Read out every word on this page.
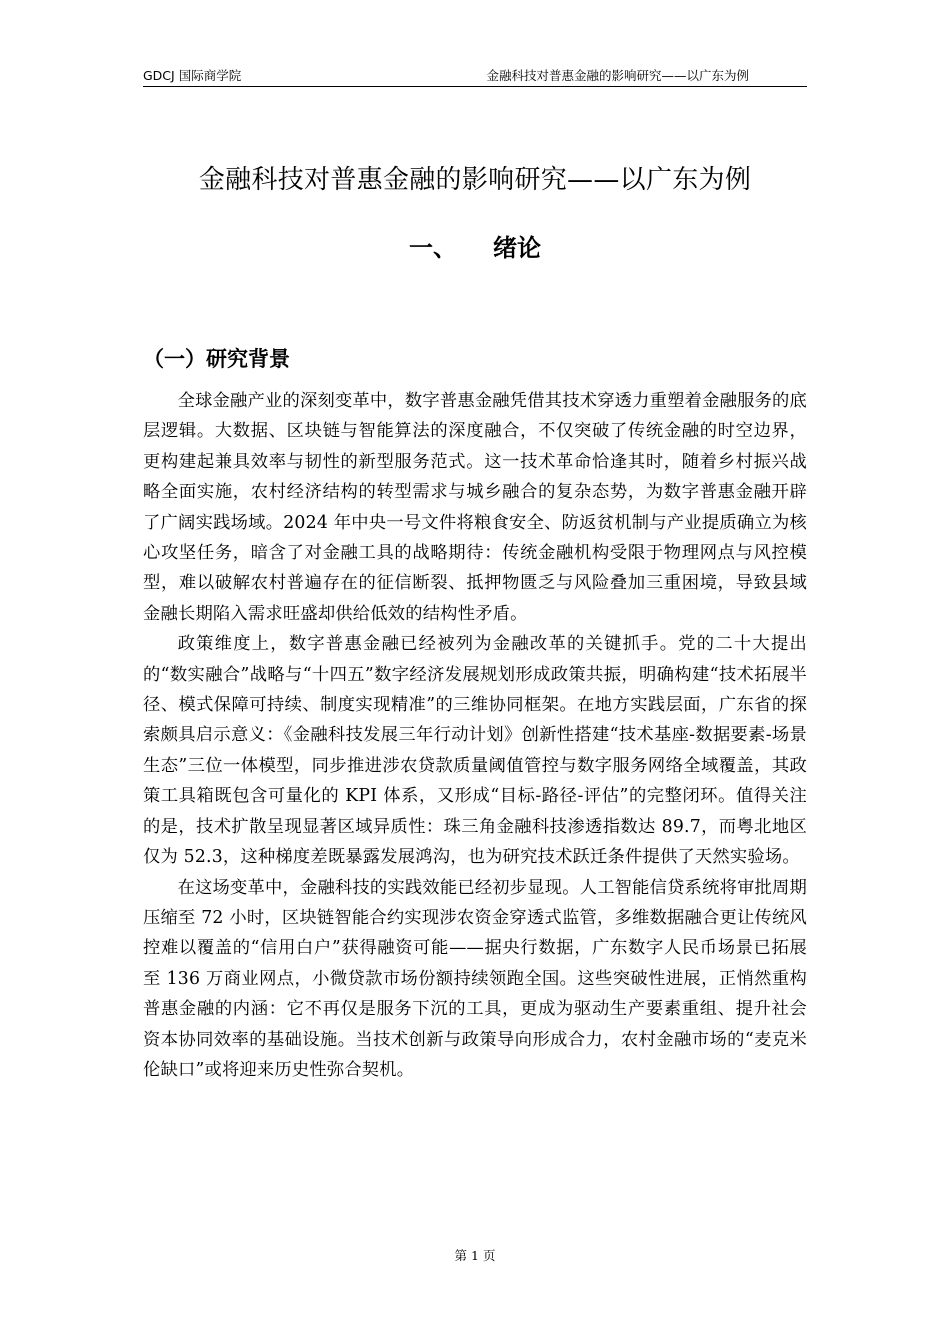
GDCJ 国际商学院	金融科技对普惠金融的影响研究——以广东为例
金融科技对普惠金融的影响研究——以广东为例
一、 绪论
（一）研究背景

全球金融产业的深刻变革中，数字普惠金融凭借其技术穿透力重塑着金融服务的底层逻辑。大数据、区块链与智能算法的深度融合，不仅突破了传统金融的时空边界，更构建起兼具效率与韧性的新型服务范式。这一技术革命恰逢其时，随着乡村振兴战略全面实施，农村经济结构的转型需求与城乡融合的复杂态势，为数字普惠金融开辟了广阔实践场域。2024 年中央一号文件将粮食安全、防返贫机制与产业提质确立为核心攻坚任务，暗含了对金融工具的战略期待：传统金融机构受限于物理网点与风控模型，难以破解农村普遍存在的征信断裂、抵押物匮乏与风险叠加三重困境，导致县域金融长期陷入需求旺盛却供给低效的结构性矛盾。

政策维度上，数字普惠金融已经被列为金融改革的关键抓手。党的二十大提出的“数实融合”战略与“十四五”数字经济发展规划形成政策共振，明确构建“技术拓展半径、模式保障可持续、制度实现精准”的三维协同框架。在地方实践层面，广东省的探索颇具启示意义：《金融科技发展三年行动计划》创新性搭建“技术基座-数据要素-场景生态”三位一体模型，同步推进涉农贷款质量阈值管控与数字服务网络全域覆盖，其政策工具箱既包含可量化的 KPI 体系，又形成“目标-路径-评估”的完整闭环。值得关注的是，技术扩散呈现显著区域异质性：珠三角金融科技渗透指数达 89.7，而粤北地区仅为 52.3，这种梯度差既暴露发展鸿沟，也为研究技术跃迁条件提供了天然实验场。

在这场变革中，金融科技的实践效能已经初步显现。人工智能信贷系统将审批周期压缩至 72 小时，区块链智能合约实现涉农资金穿透式监管，多维数据融合更让传统风控难以覆盖的“信用白户”获得融资可能——据央行数据，广东数字人民币场景已拓展至 136 万商业网点，小微贷款市场份额持续领跑全国。这些突破性进展，正悄然重构普惠金融的内涵：它不再仅是服务下沉的工具，更成为驱动生产要素重组、提升社会资本协同效率的基础设施。当技术创新与政策导向形成合力，农村金融市场的“麦克米伦缺口”或将迎来历史性弥合契机。

第 1 页
